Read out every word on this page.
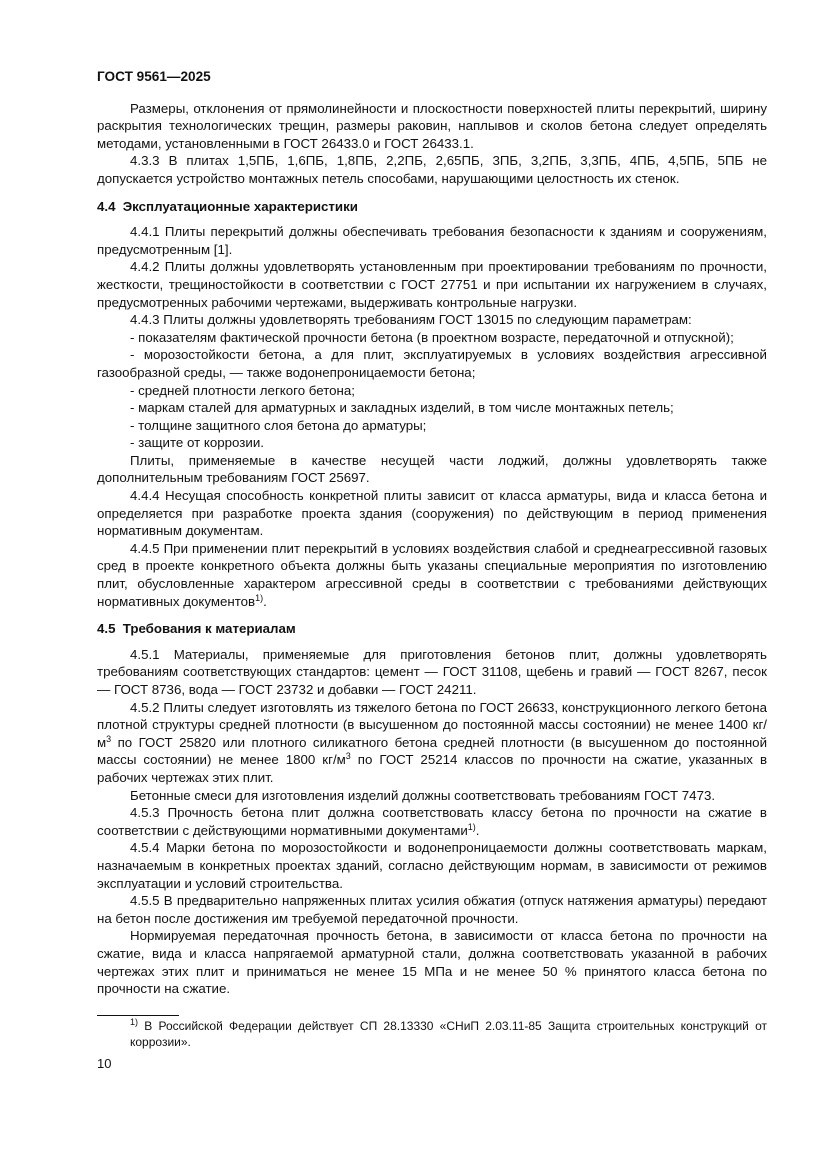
ГОСТ 9561—2025

Размеры, отклонения от прямолинейности и плоскостности поверхностей плиты перекрытий, ширину раскрытия технологических трещин, размеры раковин, наплывов и сколов бетона следует определять методами, установленными в ГОСТ 26433.0 и ГОСТ 26433.1.

4.3.3 В плитах 1,5ПБ, 1,6ПБ, 1,8ПБ, 2,2ПБ, 2,65ПБ, 3ПБ, 3,2ПБ, 3,3ПБ, 4ПБ, 4,5ПБ, 5ПБ не допускается устройство монтажных петель способами, нарушающими целостность их стенок.

4.4 Эксплуатационные характеристики

4.4.1 Плиты перекрытий должны обеспечивать требования безопасности к зданиям и сооружениям, предусмотренным [1].

4.4.2 Плиты должны удовлетворять установленным при проектировании требованиям по прочности, жесткости, трещиностойкости в соответствии с ГОСТ 27751 и при испытании их нагружением в случаях, предусмотренных рабочими чертежами, выдерживать контрольные нагрузки.

4.4.3 Плиты должны удовлетворять требованиям ГОСТ 13015 по следующим параметрам:

- показателям фактической прочности бетона (в проектном возрасте, передаточной и отпускной);

- морозостойкости бетона, а для плит, эксплуатируемых в условиях воздействия агрессивной газообразной среды, — также водонепроницаемости бетона;

- средней плотности легкого бетона;

- маркам сталей для арматурных и закладных изделий, в том числе монтажных петель;

- толщине защитного слоя бетона до арматуры;

- защите от коррозии.

Плиты, применяемые в качестве несущей части лоджий, должны удовлетворять также дополнительным требованиям ГОСТ 25697.

4.4.4 Несущая способность конкретной плиты зависит от класса арматуры, вида и класса бетона и определяется при разработке проекта здания (сооружения) по действующим в период применения нормативным документам.

4.4.5 При применении плит перекрытий в условиях воздействия слабой и среднеагрессивной газовых сред в проекте конкретного объекта должны быть указаны специальные мероприятия по изготовлению плит, обусловленные характером агрессивной среды в соответствии с требованиями действующих нормативных документов$^{1)}$.

4.5 Требования к материалам

4.5.1 Материалы, применяемые для приготовления бетонов плит, должны удовлетворять требованиям соответствующих стандартов: цемент — ГОСТ 31108, щебень и гравий — ГОСТ 8267, песок — ГОСТ 8736, вода — ГОСТ 23732 и добавки — ГОСТ 24211.

4.5.2 Плиты следует изготовлять из тяжелого бетона по ГОСТ 26633, конструкционного легкого бетона плотной структуры средней плотности (в высушенном до постоянной массы состоянии) не менее 1400 $кг/м^3$ по ГОСТ 25820 или плотного силикатного бетона средней плотности (в высушенном до постоянной массы состоянии) не менее 1800 $кг/м^3$ по ГОСТ 25214 классов по прочности на сжатие, указанных в рабочих чертежах этих плит.

Бетонные смеси для изготовления изделий должны соответствовать требованиям ГОСТ 7473.

4.5.3 Прочность бетона плит должна соответствовать классу бетона по прочности на сжатие в соответствии с действующими нормативными документами$^{1)}$.

4.5.4 Марки бетона по морозостойкости и водонепроницаемости должны соответствовать маркам, назначаемым в конкретных проектах зданий, согласно действующим нормам, в зависимости от режимов эксплуатации и условий строительства.

4.5.5 В предварительно напряженных плитах усилия обжатия (отпуск натяжения арматуры) передают на бетон после достижения им требуемой передаточной прочности.

Нормируемая передаточная прочность бетона, в зависимости от класса бетона по прочности на сжатие, вида и класса напрягаемой арматурной стали, должна соответствовать указанной в рабочих чертежах этих плит и приниматься не менее 15 МПа и не менее 50 % принятого класса бетона по прочности на сжатие.

$^{1)}$ В Российской Федерации действует СП 28.13330 «СНиП 2.03.11-85 Защита строительных конструкций от коррозии».
10
